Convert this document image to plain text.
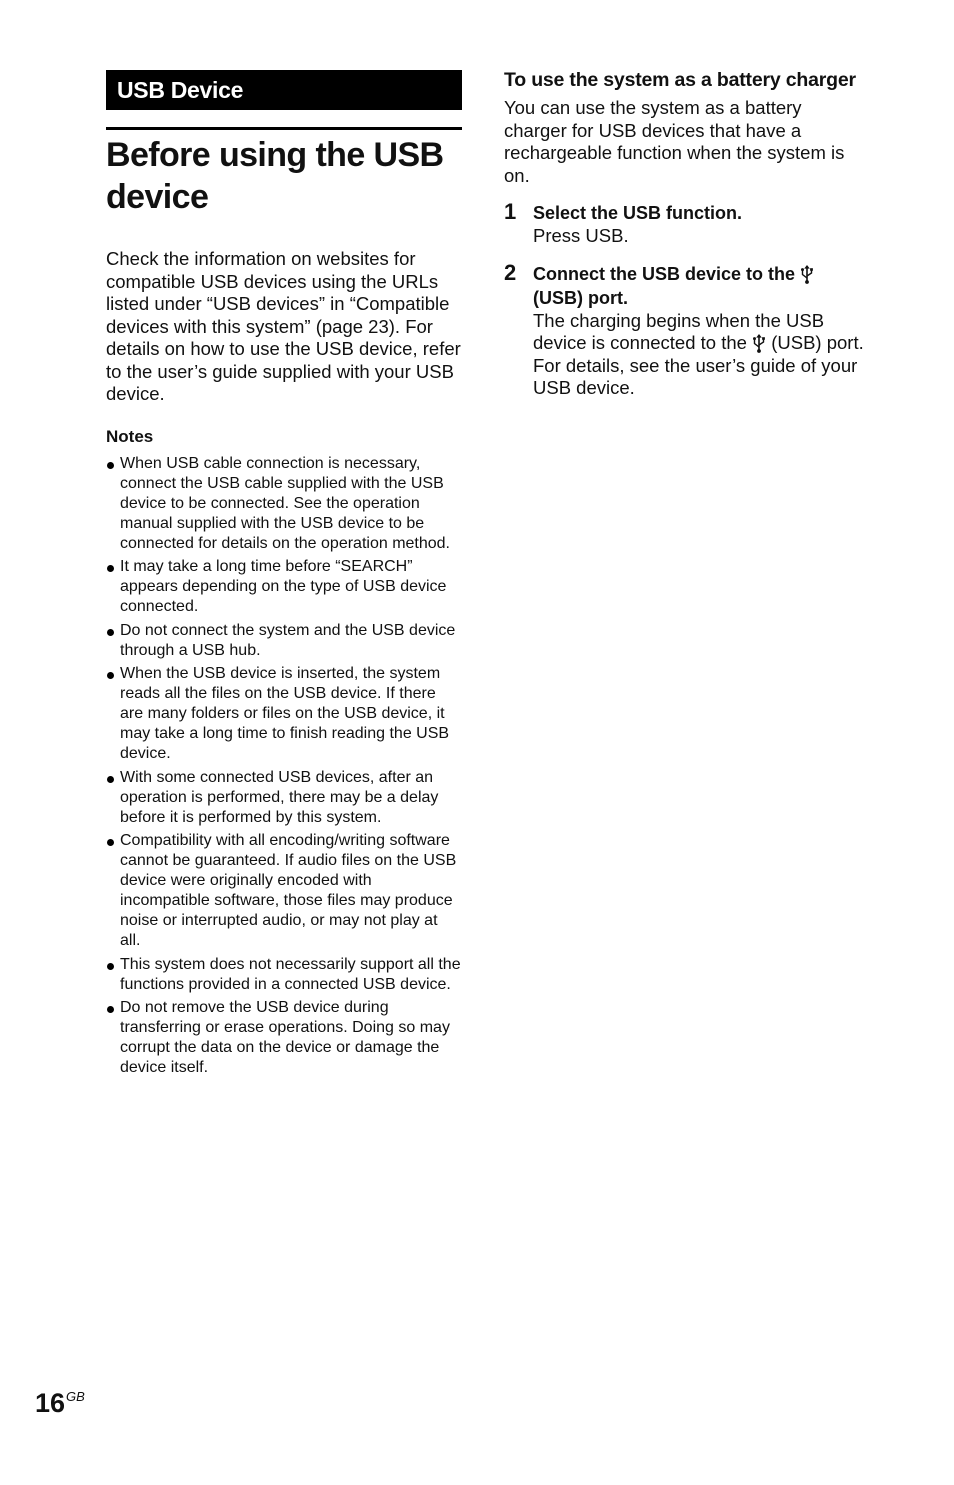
USB Device
Before using the USB device

Check the information on websites for compatible USB devices using the URLs listed under “USB devices” in “Compatible devices with this system” (page 23). For details on how to use the USB device, refer to the user’s guide supplied with your USB device.

Notes
When USB cable connection is necessary, connect the USB cable supplied with the USB device to be connected. See the operation manual supplied with the USB device to be connected for details on the operation method.
It may take a long time before “SEARCH” appears depending on the type of USB device connected.
Do not connect the system and the USB device through a USB hub.
When the USB device is inserted, the system reads all the files on the USB device. If there are many folders or files on the USB device, it may take a long time to finish reading the USB device.
With some connected USB devices, after an operation is performed, there may be a delay before it is performed by this system.
Compatibility with all encoding/writing software cannot be guaranteed. If audio files on the USB device were originally encoded with incompatible software, those files may produce noise or interrupted audio, or may not play at all.
This system does not necessarily support all the functions provided in a connected USB device.
Do not remove the USB device during transferring or erase operations. Doing so may corrupt the data on the device or damage the device itself.
To use the system as a battery charger

You can use the system as a battery charger for USB devices that have a rechargeable function when the system is on.

1 Select the USB function.
Press USB.
2 Connect the USB device to the  (USB) port.
The charging begins when the USB device is connected to the (USB) port. For details, see the user’s guide of your USB device.
$16^{GB}$
